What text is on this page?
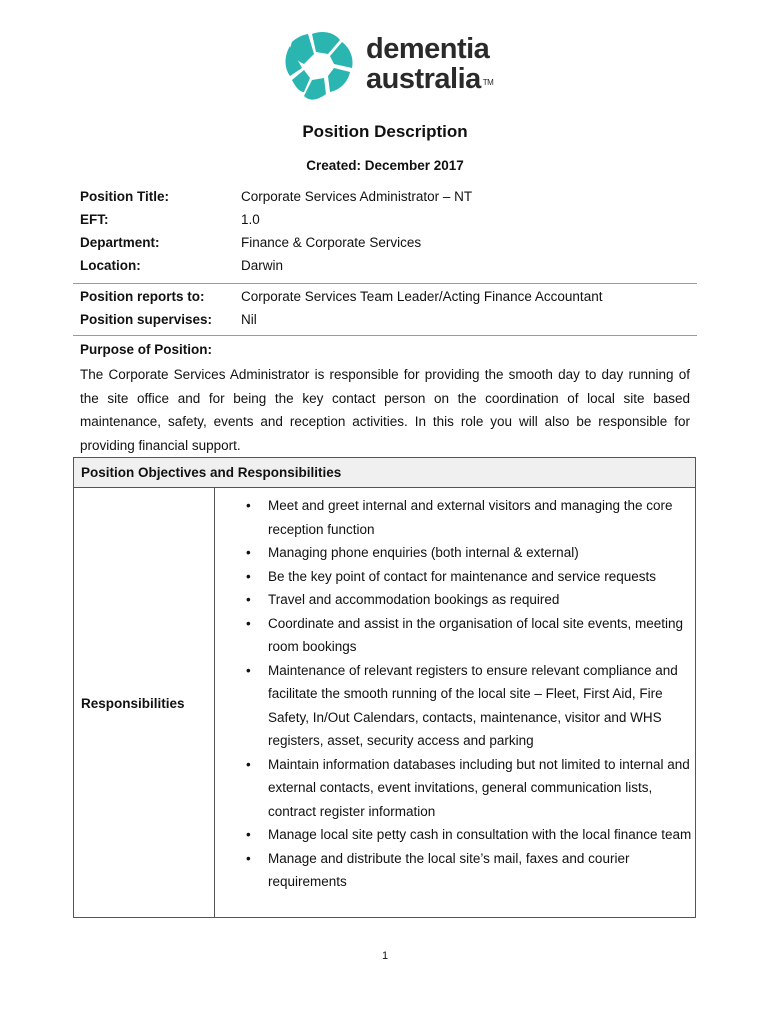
dementia
australia ™
Position Description
Created: December 2017
Position Title:	Corporate Services Administrator – NT
EFT:	1.0
Department:	Finance & Corporate Services
Location:	Darwin
Position reports to:	Corporate Services Team Leader/Acting Finance Accountant
Position supervises: Nil
Purpose of Position:

The Corporate Services Administrator is responsible for providing the smooth day to day running of the site office and for being the key contact person on the coordination of local site based maintenance, safety, events and reception activities. In this role you will also be responsible for providing financial support.

Position Objectives and Responsibilities
Responsibilities
• Meet and greet internal and external visitors and managing the core reception function
• Managing phone enquiries (both internal & external)
• Be the key point of contact for maintenance and service requests
• Travel and accommodation bookings as required
• Coordinate and assist in the organisation of local site events, meeting room bookings
• Maintenance of relevant registers to ensure relevant compliance and facilitate the smooth running of the local site – Fleet, First Aid, Fire Safety, In/Out Calendars, contacts, maintenance, visitor and WHS registers, asset, security access and parking
• Maintain information databases including but not limited to internal and external contacts, event invitations, general communication lists, contract register information
• Manage local site petty cash in consultation with the local finance team
• Manage and distribute the local site’s mail, faxes and courier requirements
1
